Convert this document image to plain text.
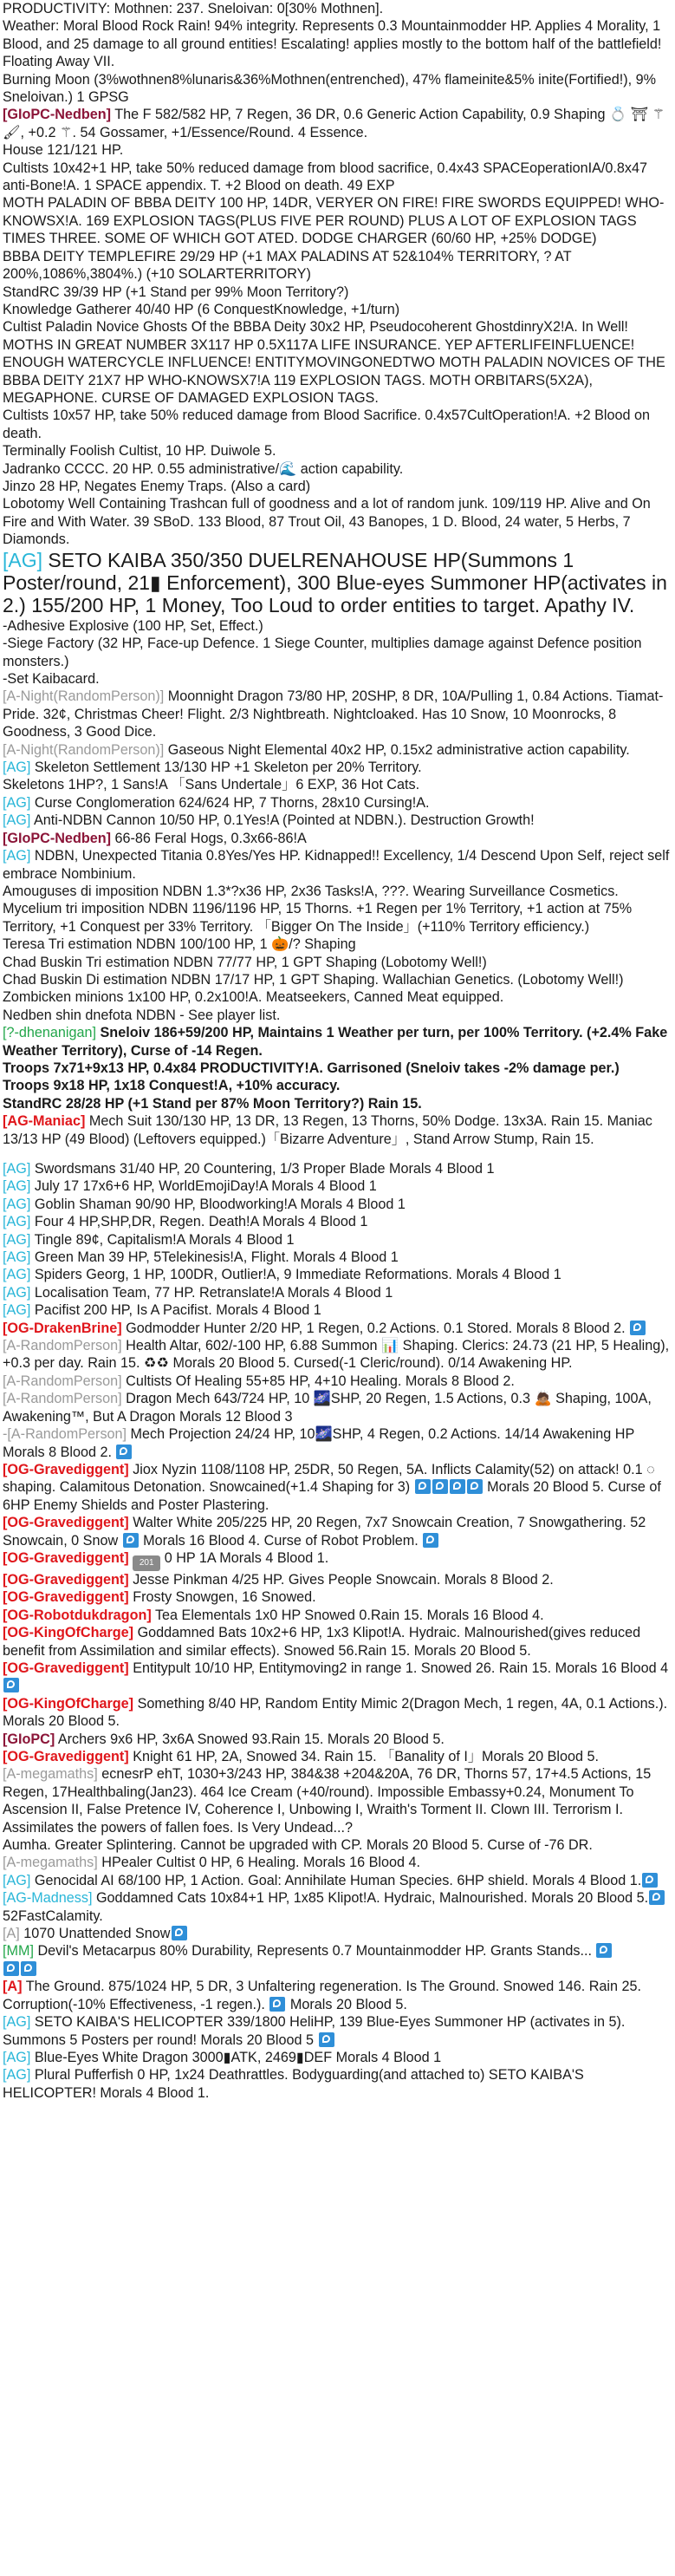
PRODUCTIVITY: Mothnen: 237. Sneloivan: 0[30% Mothnen].
Weather: Moral Blood Rock Rain! 94% integrity. Represents 0.3 Mountainmodder HP. Applies 4 Morality, 1 Blood, and 25 damage to all ground entities! Escalating! applies mostly to the bottom half of the battlefield! Floating Away VII.
Burning Moon (3%wothnen8%lunaris&36%Mothnen(entrenched), 47% flameinite&5% inite(Fortified!), 9% Sneloivan.) 1 GPSG
[GIoPC-Nedben] The F 582/582 HP, 7 Regen, 36 DR, 0.6 Generic Action Capability, 0.9 Shaping 💍 ⛩ ⚚ 🖌, +0.2 ⚚. 54 Gossamer, +1/Essence/Round. 4 Essence.
House 121/121 HP.
Cultists 10x42+1 HP, take 50% reduced damage from blood sacrifice, 0.4x43 SPACEoperationIA/0.8x47 anti-Bone!A. 1 SPACE appendix. T. +2 Blood on death. 49 EXP
MOTH PALADIN OF BBBA DEITY 100 HP, 14DR, VERYER ON FIRE! FIRE SWORDS EQUIPPED! WHO-KNOWSX!A. 169 EXPLOSION TAGS(PLUS FIVE PER ROUND) PLUS A LOT OF EXPLOSION TAGS TIMES THREE. SOME OF WHICH GOT ATED. DODGE CHARGER (60/60 HP, +25% DODGE)
BBBA DEITY TEMPLEFIRE 29/29 HP (+1 MAX PALADINS AT 52&104% TERRITORY, ? AT 200%,1086%,3804%.) (+10 SOLARTERRITORY)
StandRC 39/39 HP (+1 Stand per 99% Moon Territory?)
Knowledge Gatherer 40/40 HP (6 ConquestKnowledge, +1/turn)
Cultist Paladin Novice Ghosts Of the BBBA Deity 30x2 HP, Pseudocoherent GhostdinryX2!A. In Well!
MOTHS IN GREAT NUMBER 3X117 HP 0.5X117A LIFE INSURANCE. YEP AFTERLIFEINFLUENCE! ENOUGH WATERCYCLE INFLUENCE! ENTITYMOVINGONEDTWO MOTH PALADIN NOVICES OF THE BBBA DEITY 21X7 HP WHO-KNOWSX7!A 119 EXPLOSION TAGS. MOTH ORBITARS(5X2A), MEGAPHONE. CURSE OF DAMAGED EXPLOSION TAGS.
Cultists 10x57 HP, take 50% reduced damage from Blood Sacrifice. 0.4x57CultOperation!A. +2 Blood on death.
Terminally Foolish Cultist, 10 HP. Duiwole 5.
Jadranko CCCC. 20 HP. 0.55 administrative/🌊 action capability.
Jinzo 28 HP, Negates Enemy Traps. (Also a card)
Lobotomy Well Containing Trashcan full of goodness and a lot of random junk. 109/119 HP. Alive and On Fire and With Water. 39 SBoD. 133 Blood, 87 Trout Oil, 43 Banopes, 1 D. Blood, 24 water, 5 Herbs, 7 Diamonds.
[AG] SETO KAIBA 350/350 DUELRENAHOUSE HP(Summons 1 Poster/round, 21▮ Enforcement), 300 Blue-eyes Summoner HP(activates in 2.) 155/200 HP, 1 Money, Too Loud to order entities to target. Apathy IV.
-Adhesive Explosive (100 HP, Set, Effect.)
-Siege Factory (32 HP, Face-up Defence. 1 Siege Counter, multiplies damage against Defence position monsters.)
-Set Kaibacard.
[A-Night(RandomPerson)] Moonnight Dragon 73/80 HP, 20SHP, 8 DR, 10A/Pulling 1, 0.84 Actions. Tiamat-Pride. 32¢, Christmas Cheer! Flight. 2/3 Nightbreath. Nightcloaked. Has 10 Snow, 10 Moonrocks, 8 Goodness, 3 Good Dice.
[A-Night(RandomPerson)] Gaseous Night Elemental 40x2 HP, 0.15x2 administrative action capability.
[AG] Skeleton Settlement 13/130 HP +1 Skeleton per 20% Territory.
Skeletons 1HP?, 1 Sans!A 「Sans Undertale」6 EXP, 36 Hot Cats.
[AG] Curse Conglomeration 624/624 HP, 7 Thorns, 28x10 Cursing!A.
[AG] Anti-NDBN Cannon 10/50 HP, 0.1Yes!A (Pointed at NDBN.). Destruction Growth!
[GIoPC-Nedben] 66-86 Feral Hogs, 0.3x66-86!A
[AG] NDBN, Unexpected Titania 0.8Yes/Yes HP. Kidnapped!! Excellency, 1/4 Descend Upon Self, reject self embrace Nombinium.
Amouguses di imposition NDBN 1.3*?x36 HP, 2x36 Tasks!A, ???. Wearing Surveillance Cosmetics.
Mycelium tri imposition NDBN 1196/1196 HP, 15 Thorns. +1 Regen per 1% Territory, +1 action at 75% Territory, +1 Conquest per 33% Territory. 「Bigger On The Inside」(+110% Territory efficiency.)
Teresa Tri estimation NDBN 100/100 HP, 1 🎃/? Shaping
Chad Buskin Tri estimation NDBN 77/77 HP, 1 GPT Shaping (Lobotomy Well!)
Chad Buskin Di estimation NDBN 17/17 HP, 1 GPT Shaping. Wallachian Genetics. (Lobotomy Well!)
Zombicken minions 1x100 HP, 0.2x100!A. Meatseekers, Canned Meat equipped.
Nedben shin dnefota NDBN - See player list.
[?-dhenanigan] Sneloiv 186+59/200 HP, Maintains 1 Weather per turn, per 100% Territory. (+2.4% Fake Weather Territory), Curse of -14 Regen.
Troops 7x71+9x13 HP, 0.4x84 PRODUCTIVITY!A. Garrisoned (Sneloiv takes -2% damage per.)
Troops 9x18 HP, 1x18 Conquest!A, +10% accuracy.
StandRC 28/28 HP (+1 Stand per 87% Moon Territory?) Rain 15.
[AG-Maniac] Mech Suit 130/130 HP, 13 DR, 13 Regen, 13 Thorns, 50% Dodge. 13x3A. Rain 15. Maniac 13/13 HP (49 Blood) (Leftovers equipped.)「Bizarre Adventure」, Stand Arrow Stump, Rain 15.
[AG] Swordsmans 31/40 HP, 20 Countering, 1/3 Proper Blade Morals 4 Blood 1
[AG] July 17 17x6+6 HP, WorldEmojiDay!A Morals 4 Blood 1
[AG] Goblin Shaman 90/90 HP, Bloodworking!A Morals 4 Blood 1
[AG] Four 4 HP,SHP,DR, Regen. Death!A Morals 4 Blood 1
[AG] Tingle 89¢, Capitalism!A Morals 4 Blood 1
[AG] Green Man 39 HP, 5Telekinesis!A, Flight. Morals 4 Blood 1
[AG] Spiders Georg, 1 HP, 100DR, Outlier!A, 9 Immediate Reformations. Morals 4 Blood 1
[AG] Localisation Team, 77 HP. Retranslate!A Morals 4 Blood 1
[AG] Pacifist 200 HP, Is A Pacifist. Morals 4 Blood 1
[OG-DrakenBrine] Godmodder Hunter 2/20 HP, 1 Regen, 0.2 Actions. 0.1 Stored. Morals 8 Blood 2.
[A-RandomPerson] Health Altar, 602/-100 HP, 6.88 Summon 📊 Shaping. Clerics: 24.73 (21 HP, 5 Healing), +0.3 per day. Rain 15. ♻♻ Morals 20 Blood 5. Cursed(-1 Cleric/round). 0/14 Awakening HP.
[A-RandomPerson] Cultists Of Healing 55+85 HP, 4+10 Healing. Morals 8 Blood 2.
[A-RandomPerson] Dragon Mech 643/724 HP, 10 🌌SHP, 20 Regen, 1.5 Actions, 0.3 🙇🏽 Shaping, 100A, Awakening™, But A Dragon Morals 12 Blood 3
-[A-RandomPerson] Mech Projection 24/24 HP, 10🌌SHP, 4 Regen, 0.2 Actions. 14/14 Awakening HP Morals 8 Blood 2.
[OG-Gravediggent] Jiox Nyzin 1108/1108 HP, 25DR, 50 Regen, 5A. Inflicts Calamity(52) on attack! 0.1 ◌ shaping. Calamitous Detonation. Snowcained(+1.4 Shaping for 3)	Morals 20 Blood 5. Curse of 6HP Enemy Shields and Poster Plastering.
[OG-Gravediggent] Walter White 205/225 HP, 20 Regen, 7x7 Snowcain Creation, 7 Snowgathering. 52 Snowcain, 0 Snow  Morals 16 Blood 4. Curse of Robot Problem.
[OG-Gravediggent] 201 0 HP 1A Morals 4 Blood 1.
[OG-Gravediggent] Jesse Pinkman 4/25 HP. Gives People Snowcain. Morals 8 Blood 2.
[OG-Gravediggent] Frosty Snowgen, 16 Snowed.
[OG-Robotdukdragon] Tea Elementals 1x0 HP Snowed 0.Rain 15. Morals 16 Blood 4.
[OG-KingOfCharge] Goddamned Bats 10x2+6 HP, 1x3 Klipot!A. Hydraic. Malnourished(gives reduced benefit from Assimilation and similar effects). Snowed 56.Rain 15. Morals 20 Blood 5.
[OG-Gravediggent] Entitypult 10/10 HP, Entitymoving2 in range 1. Snowed 26. Rain 15. Morals 16 Blood 4
[OG-KingOfCharge] Something 8/40 HP, Random Entity Mimic 2(Dragon Mech, 1 regen, 4A, 0.1 Actions.). Morals 20 Blood 5.
[GIoPC] Archers 9x6 HP, 3x6A Snowed 93.Rain 15. Morals 20 Blood 5.
[OG-Gravediggent] Knight 61 HP, 2A, Snowed 34. Rain 15. 「Banality of I」Morals 20 Blood 5.
[A-megamaths] ecnesrP ehT, 1030+3/243 HP, 384&38 +204&20A, 76 DR, Thorns 57, 17+4.5 Actions, 15 Regen, 17Healthbaling(Jan23). 464 Ice Cream (+40/round). Impossible Embassy+0.24, Monument To Ascension II, False Pretence IV, Coherence I, Unbowing I, Wraith's Torment II. Clown III. Terrorism I. Assimilates the powers of fallen foes. Is Very Undead...?
Aumha. Greater Splintering. Cannot be upgraded with CP. Morals 20 Blood 5. Curse of -76 DR.
[A-megamaths] HPealer Cultist 0 HP, 6 Healing. Morals 16 Blood 4.
[AG] Genocidal AI 68/100 HP, 1 Action. Goal: Annihilate Human Species. 6HP shield. Morals 4 Blood 1.
[AG-Madness] Goddamned Cats 10x84+1 HP, 1x85 Klipot!A. Hydraic, Malnourished. Morals 20 Blood 5. 52FastCalamity.
[A] 1070 Unattended Snow
[MM] Devil's Metacarpus 80% Durability, Represents 0.7 Mountainmodder HP. Grants Stands...
[A] The Ground. 875/1024 HP, 5 DR, 3 Unfaltering regeneration. Is The Ground. Snowed 146. Rain 25. Corruption(-10% Effectiveness, -1 regen.).  Morals 20 Blood 5.
[AG] SETO KAIBA'S HELICOPTER 339/1800 HeliHP, 139 Blue-Eyes Summoner HP (activates in 5). Summons 5 Posters per round! Morals 20 Blood 5
[AG] Blue-Eyes White Dragon 3000▮ATK, 2469▮DEF Morals 4 Blood 1
[AG] Plural Pufferfish 0 HP, 1x24 Deathrattles. Bodyguarding(and attached to) SETO KAIBA'S HELICOPTER! Morals 4 Blood 1.
